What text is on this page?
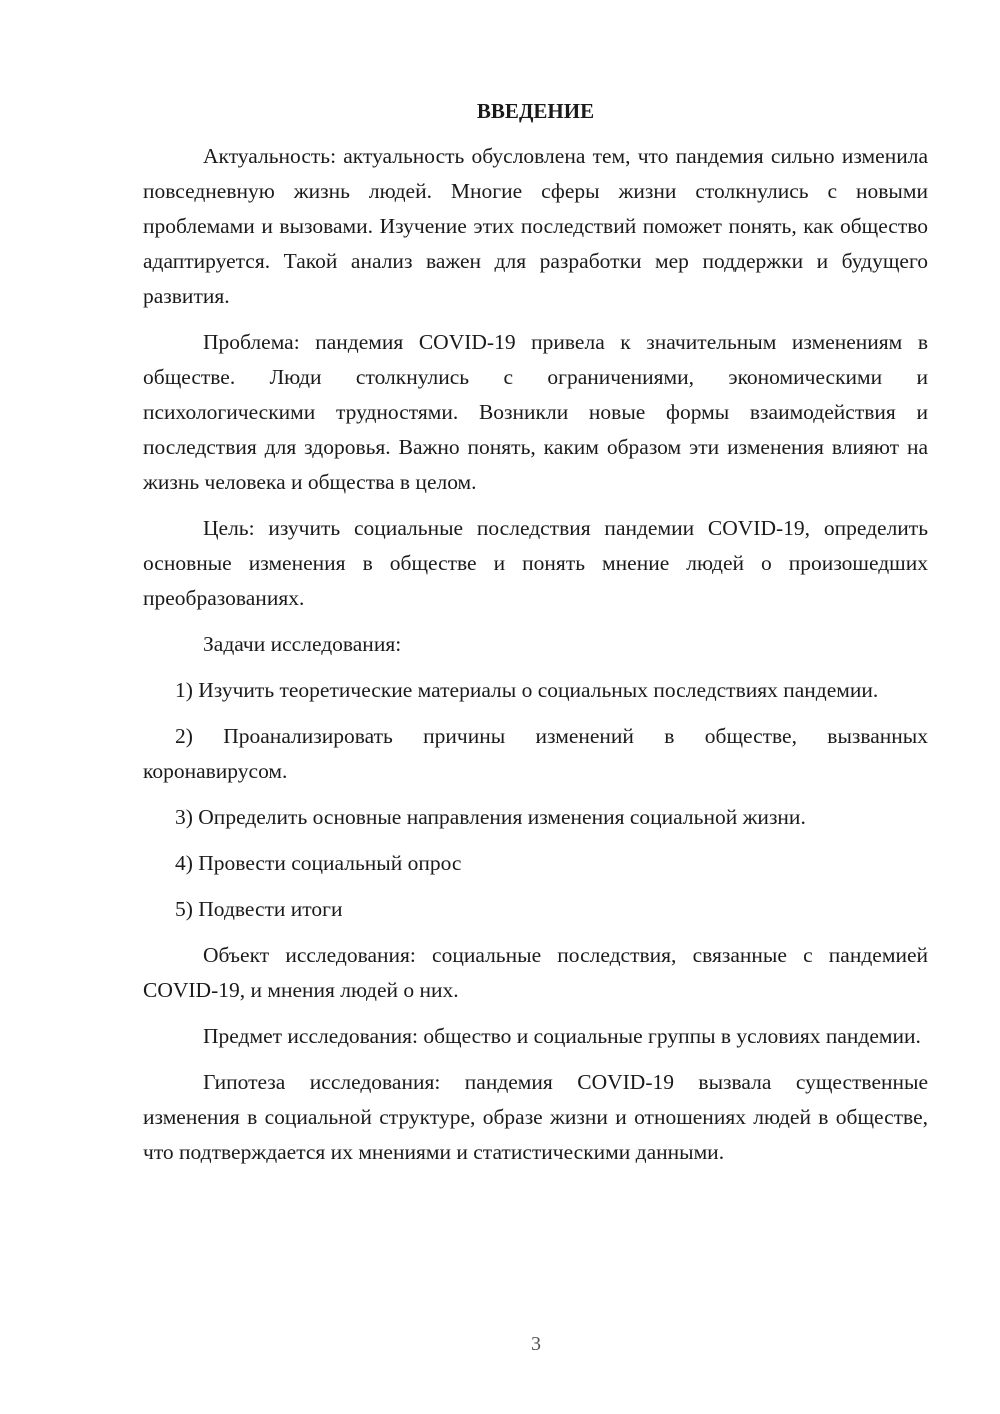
ВВЕДЕНИЕ

Актуальность: актуальность обусловлена тем, что пандемия сильно изменила повседневную жизнь людей. Многие сферы жизни столкнулись с новыми проблемами и вызовами. Изучение этих последствий поможет понять, как общество адаптируется. Такой анализ важен для разработки мер поддержки и будущего развития.

Проблема: пандемия COVID-19 привела к значительным изменениям в обществе. Люди столкнулись с ограничениями, экономическими и психологическими трудностями. Возникли новые формы взаимодействия и последствия для здоровья. Важно понять, каким образом эти изменения влияют на жизнь человека и общества в целом.

Цель: изучить социальные последствия пандемии COVID-19, определить основные изменения в обществе и понять мнение людей о произошедших преобразованиях.

Задачи исследования:

1) Изучить теоретические материалы о социальных последствиях пандемии.

2) Проанализировать причины изменений в обществе, вызванных коронавирусом.

3) Определить основные направления изменения социальной жизни.

4) Провести социальный опрос

5) Подвести итоги

Объект исследования: социальные последствия, связанные с пандемией COVID-19, и мнения людей о них.

Предмет исследования: общество и социальные группы в условиях пандемии.

Гипотеза исследования: пандемия COVID-19 вызвала существенные изменения в социальной структуре, образе жизни и отношениях людей в обществе, что подтверждается их мнениями и статистическими данными.

3
